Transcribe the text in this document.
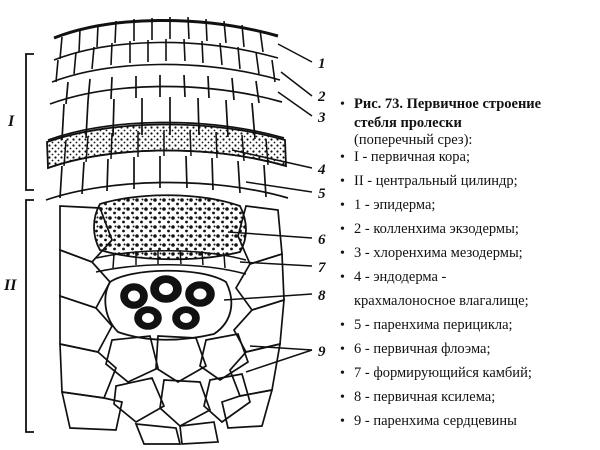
I
II
1
2
3
4
5
6
7
8
9
• Рис. 73. Первичное строение
стебля пролески
(поперечный срез):
• I - первичная кора;
• II - центральный цилиндр;
• 1 - эпидерма;
• 2 - колленхима экзодермы;
• 3 - хлоренхима мезодермы;
• 4 - эндодерма -
крахмалоносное влагалище;
• 5 - паренхима перицикла;
• 6 - первичная флоэма;
• 7 - формирующийся камбий;
• 8 - первичная ксилема;
• 9 - паренхима сердцевины
